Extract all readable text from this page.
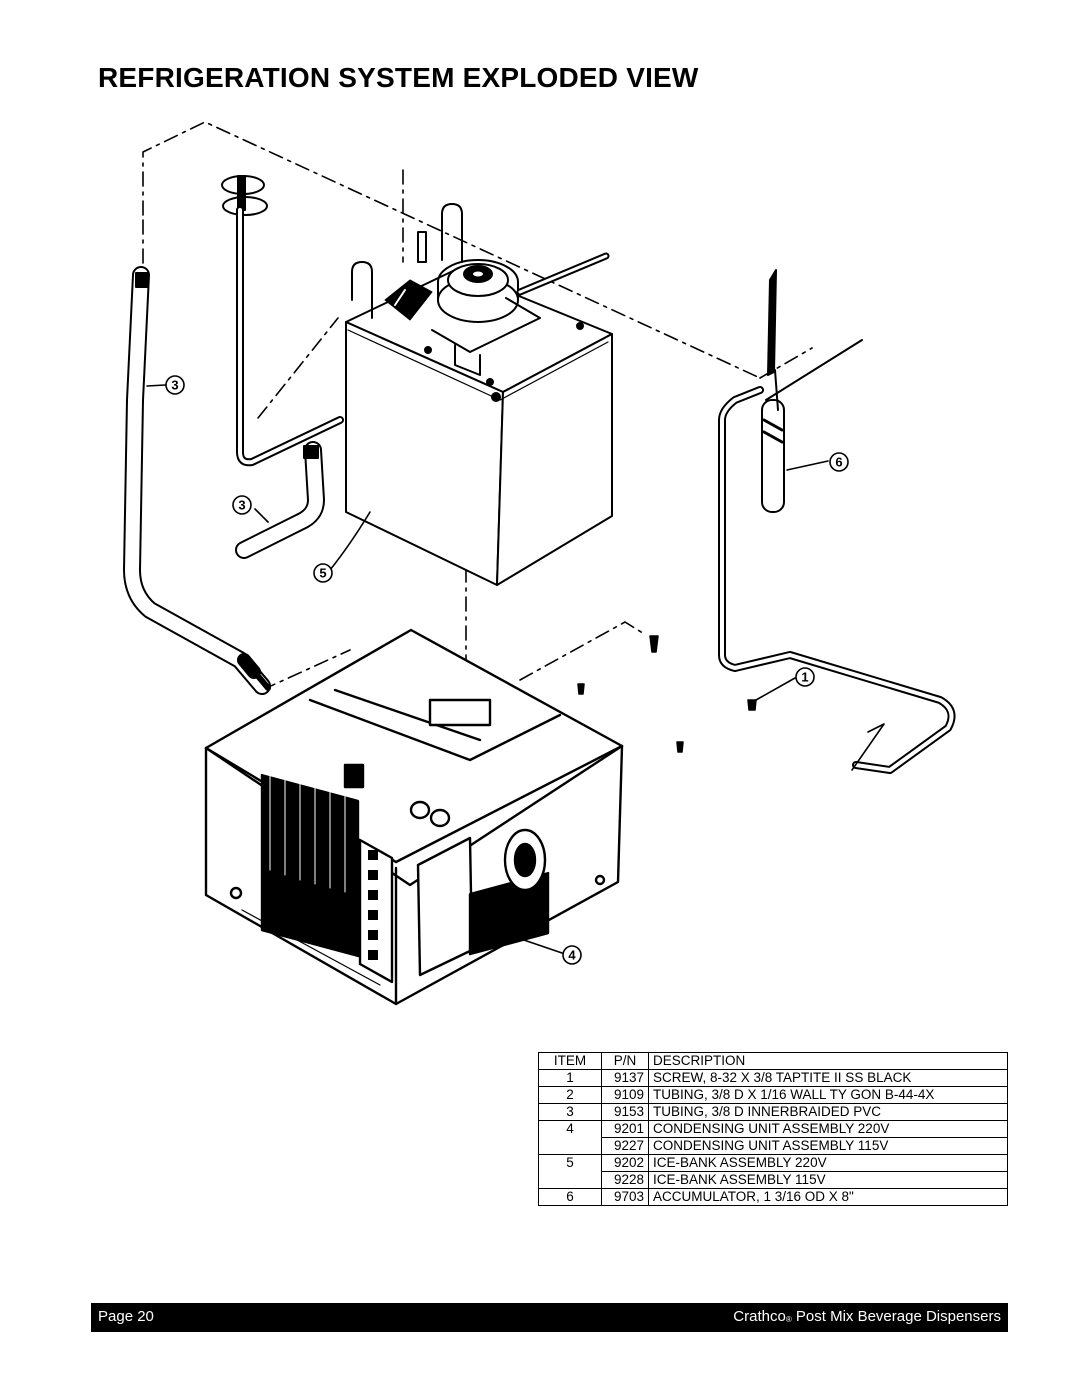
REFRIGERATION SYSTEM EXPLODED VIEW
6
3
3
5
1
4
ITEM	P/N	DESCRIPTION
1	9137	SCREW, 8-32 X 3/8 TAPTITE II SS BLACK
2	9109	TUBING, 3/8 D X 1/16 WALL TY GON B-44-4X
3	9153	TUBING, 3/8 D INNERBRAIDED PVC
4	9201	CONDENSING UNIT ASSEMBLY 220V
	9227	CONDENSING UNIT ASSEMBLY 115V
5	9202	ICE-BANK ASSEMBLY 220V
	9228	ICE-BANK ASSEMBLY 115V
6	9703	ACCUMULATOR, 1 3/16 OD X 8"
Page 20	Crathco® Post Mix Beverage Dispensers
